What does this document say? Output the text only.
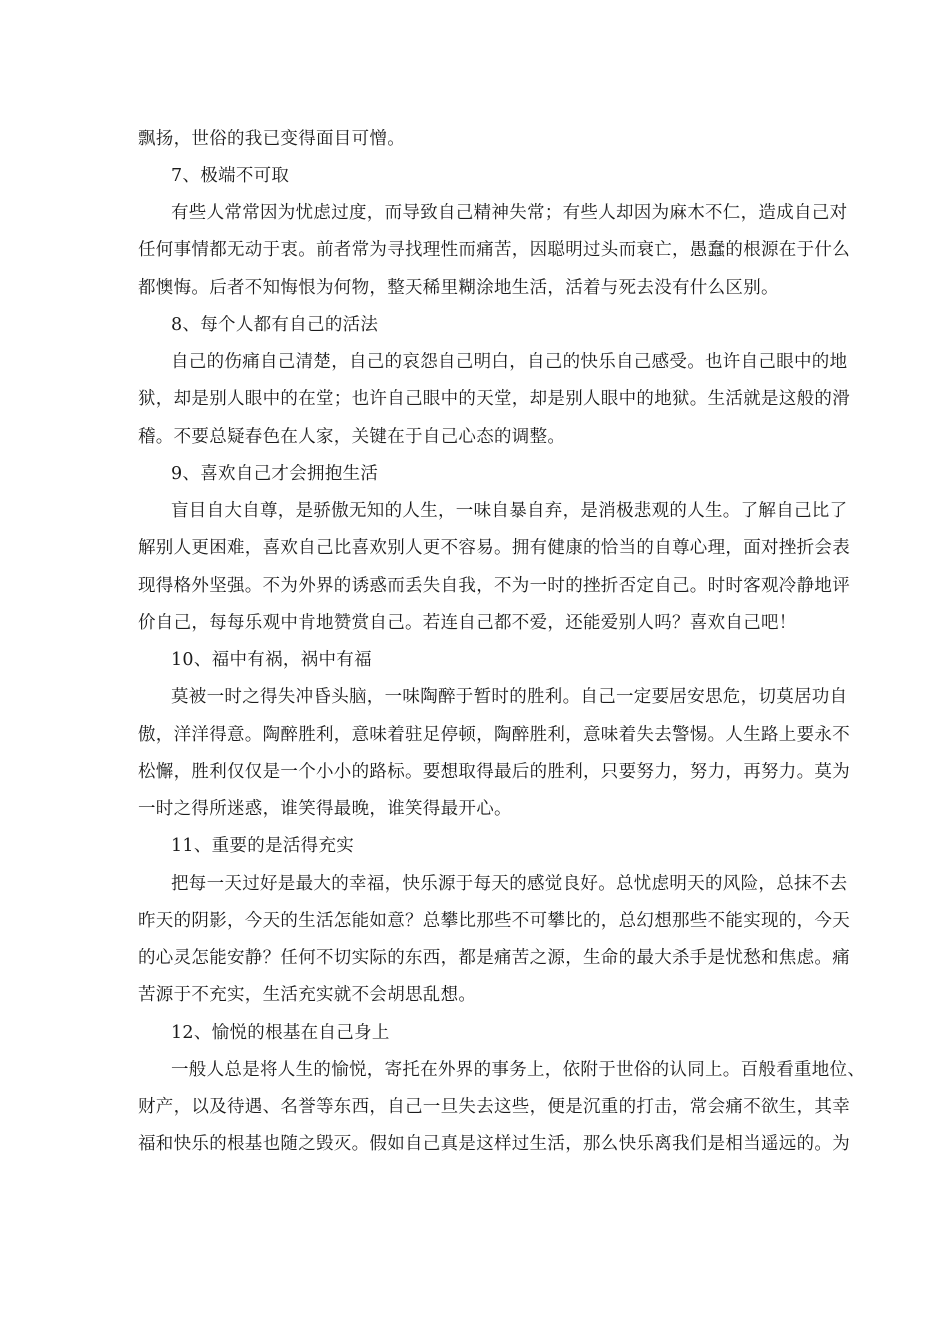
飘扬，世俗的我已变得面目可憎。
7、极端不可取
有些人常常因为忧虑过度，而导致自己精神失常；有些人却因为麻木不仁，造成自己对
任何事情都无动于衷。前者常为寻找理性而痛苦，因聪明过头而衰亡，愚蠢的根源在于什么
都懊悔。后者不知悔恨为何物，整天稀里糊涂地生活，活着与死去没有什么区别。
8、每个人都有自己的活法
自己的伤痛自己清楚，自己的哀怨自己明白，自己的快乐自己感受。也许自己眼中的地
狱，却是别人眼中的在堂；也许自己眼中的天堂，却是别人眼中的地狱。生活就是这般的滑
稽。不要总疑春色在人家，关键在于自己心态的调整。
9、喜欢自己才会拥抱生活
盲目自大自尊，是骄傲无知的人生，一味自暴自弃，是消极悲观的人生。了解自己比了
解别人更困难，喜欢自己比喜欢别人更不容易。拥有健康的恰当的自尊心理，面对挫折会表
现得格外坚强。不为外界的诱惑而丢失自我，不为一时的挫折否定自己。时时客观冷静地评
价自己，每每乐观中肯地赞赏自己。若连自己都不爱，还能爱别人吗？喜欢自己吧！
10、福中有祸，祸中有福
莫被一时之得失冲昏头脑，一味陶醉于暂时的胜利。自己一定要居安思危，切莫居功自
傲，洋洋得意。陶醉胜利，意味着驻足停顿，陶醉胜利，意味着失去警惕。人生路上要永不
松懈，胜利仅仅是一个小小的路标。要想取得最后的胜利，只要努力，努力，再努力。莫为
一时之得所迷惑，谁笑得最晚，谁笑得最开心。
11、重要的是活得充实
把每一天过好是最大的幸福，快乐源于每天的感觉良好。总忧虑明天的风险，总抹不去
昨天的阴影，今天的生活怎能如意？总攀比那些不可攀比的，总幻想那些不能实现的，今天
的心灵怎能安静？任何不切实际的东西，都是痛苦之源，生命的最大杀手是忧愁和焦虑。痛
苦源于不充实，生活充实就不会胡思乱想。
12、愉悦的根基在自己身上
一般人总是将人生的愉悦，寄托在外界的事务上，依附于世俗的认同上。百般看重地位、
财产，以及待遇、名誉等东西，自己一旦失去这些，便是沉重的打击，常会痛不欲生，其幸
福和快乐的根基也随之毁灭。假如自己真是这样过生活，那么快乐离我们是相当遥远的。为
